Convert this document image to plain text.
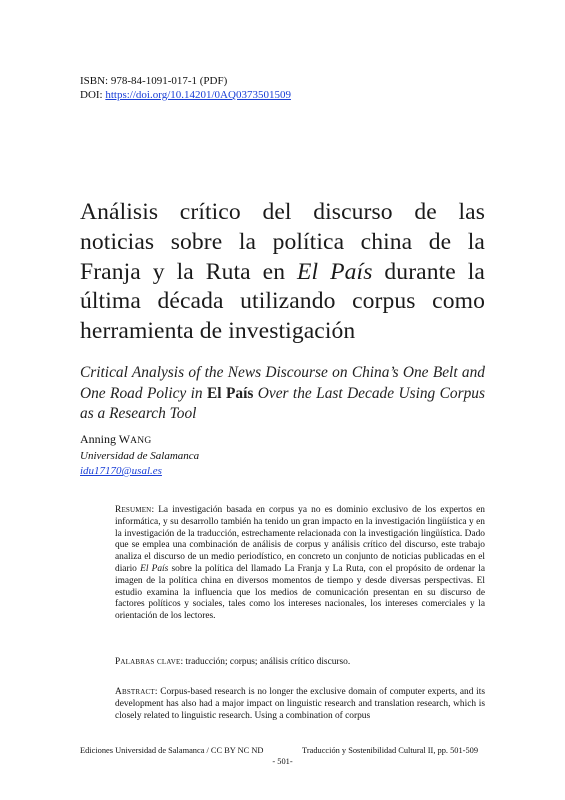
ISBN: 978-84-1091-017-1 (PDF)
DOI: https://doi.org/10.14201/0AQ0373501509
Análisis crítico del discurso de las noticias sobre la política china de la Franja y la Ruta en El País durante la última década utilizando corpus como herramienta de investigación
Critical Analysis of the News Discourse on China’s One Belt and One Road Policy in El País Over the Last Decade Using Corpus as a Research Tool
Anning WANG
Universidad de Salamanca
idu17170@usal.es
Resumen: La investigación basada en corpus ya no es dominio exclusivo de los expertos en informática, y su desarrollo también ha tenido un gran impacto en la investigación lingüística y en la investigación de la traducción, estrechamente relacionada con la investigación lingüística. Dado que se emplea una combinación de análisis de corpus y análisis crítico del discurso, este trabajo analiza el discurso de un medio periodístico, en concreto un conjunto de noticias publicadas en el diario El País sobre la política del llamado La Franja y La Ruta, con el propósito de ordenar la imagen de la política china en diversos momentos de tiempo y desde diversas perspectivas. El estudio examina la influencia que los medios de comunicación presentan en su discurso de factores políticos y sociales, tales como los intereses nacionales, los intereses comerciales y la orientación de los lectores.
Palabras clave: traducción; corpus; análisis crítico discurso.
Abstract: Corpus-based research is no longer the exclusive domain of computer experts, and its development has also had a major impact on linguistic research and translation research, which is closely related to linguistic research. Using a combination of corpus
Ediciones Universidad de Salamanca / CC BY NC ND	Traducción y Sostenibilidad Cultural II, pp. 501-509
- 501-
